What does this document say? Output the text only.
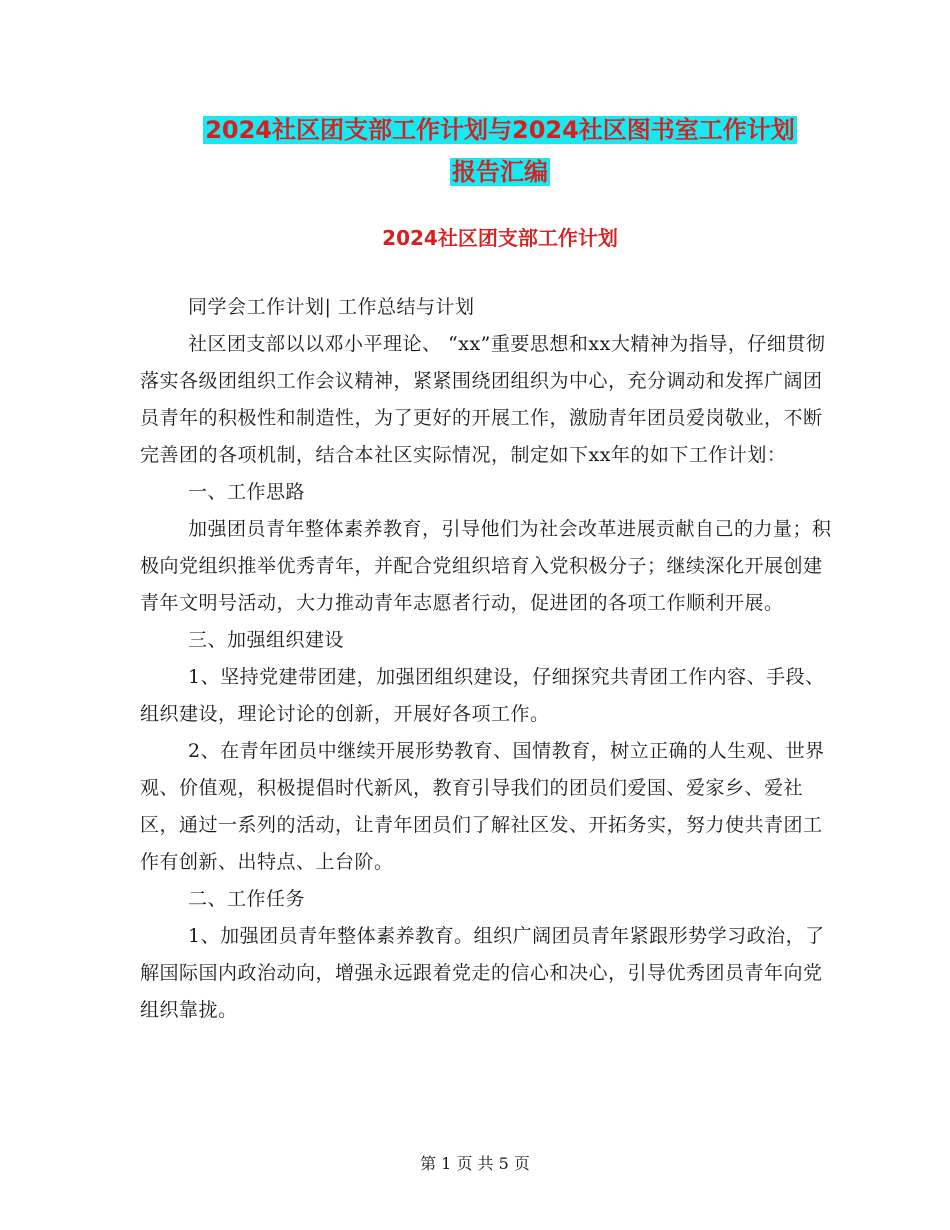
2024社区团支部工作计划与2024社区图书室工作计划
报告汇编
2024社区团支部工作计划

同学会工作计划| 工作总结与计划

社区团支部以以邓小平理论、 “xx”重要思想和xx大精神为指导，仔细贯彻落实各级团组织工作会议精神，紧紧围绕团组织为中心，充分调动和发挥广阔团员青年的积极性和制造性，为了更好的开展工作，激励青年团员爱岗敬业，不断完善团的各项机制，结合本社区实际情况，制定如下xx年的如下工作计划：

一、工作思路

加强团员青年整体素养教育，引导他们为社会改革进展贡献自己的力量；积极向党组织推举优秀青年，并配合党组织培育入党积极分子；继续深化开展创建青年文明号活动，大力推动青年志愿者行动，促进团的各项工作顺利开展。

三、加强组织建设

1、坚持党建带团建，加强团组织建设，仔细探究共青团工作内容、手段、组织建设，理论讨论的创新，开展好各项工作。

2、在青年团员中继续开展形势教育、国情教育，树立正确的人生观、世界观、价值观，积极提倡时代新风，教育引导我们的团员们爱国、爱家乡、爱社区，通过一系列的活动，让青年团员们了解社区发、开拓务实，努力使共青团工作有创新、出特点、上台阶。

二、工作任务

1、加强团员青年整体素养教育。组织广阔团员青年紧跟形势学习政治，了解国际国内政治动向，增强永远跟着党走的信心和决心，引导优秀团员青年向党组织靠拢。

第 1 页 共 5 页
